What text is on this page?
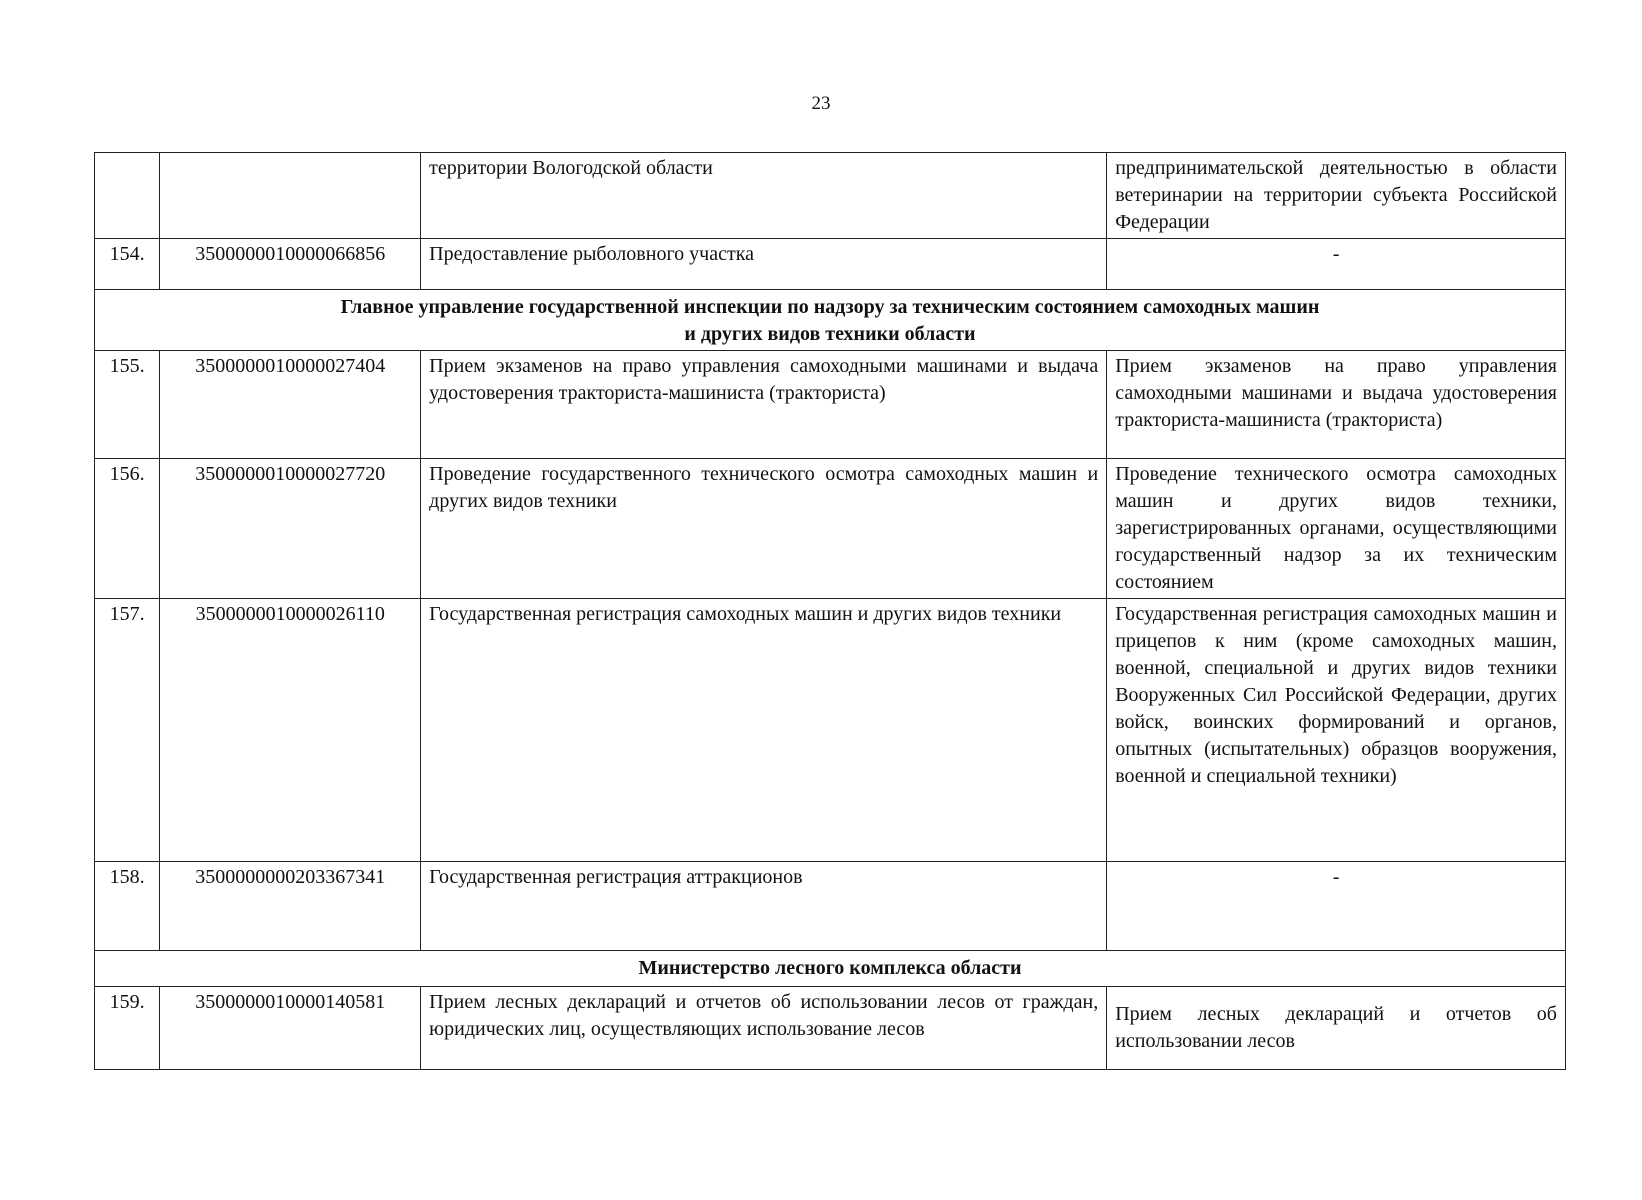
23
		территории Вологодской области	предпринимательской деятельностью в области ветеринарии на территории субъекта Российской Федерации
154.	3500000010000066856	Предоставление рыболовного участка	-

Главное управление государственной инспекции по надзору за техническим состоянием самоходных машин
и других видов техники области			

155.	3500000010000027404	Прием экзаменов на право управления самоходными машинами и выдача удостоверения тракториста-машиниста (тракториста)	Прием экзаменов на право управления самоходными машинами и выдача удостоверения тракториста-машиниста (тракториста)
156.	3500000010000027720	Проведение государственного технического осмотра самоходных машин и других видов техники	Проведение технического осмотра самоходных машин и других видов техники, зарегистрированных органами, осуществляющими государственный надзор за их техническим состоянием
157.	3500000010000026110	Государственная регистрация самоходных машин и других видов техники	Государственная регистрация самоходных машин и прицепов к ним (кроме самоходных машин, военной, специальной и других видов техники Вооруженных Сил Российской Федерации, других войск, воинских формирований и органов, опытных (испытательных) образцов вооружения, военной и специальной техники)
158.	3500000000203367341	Государственная регистрация аттракционов	-

Министерство лесного комплекса области			

159.	3500000010000140581	Прием лесных деклараций и отчетов об использовании лесов от граждан, юридических лиц, осуществляющих использование лесов	Прием лесных деклараций и отчетов об использовании лесов
